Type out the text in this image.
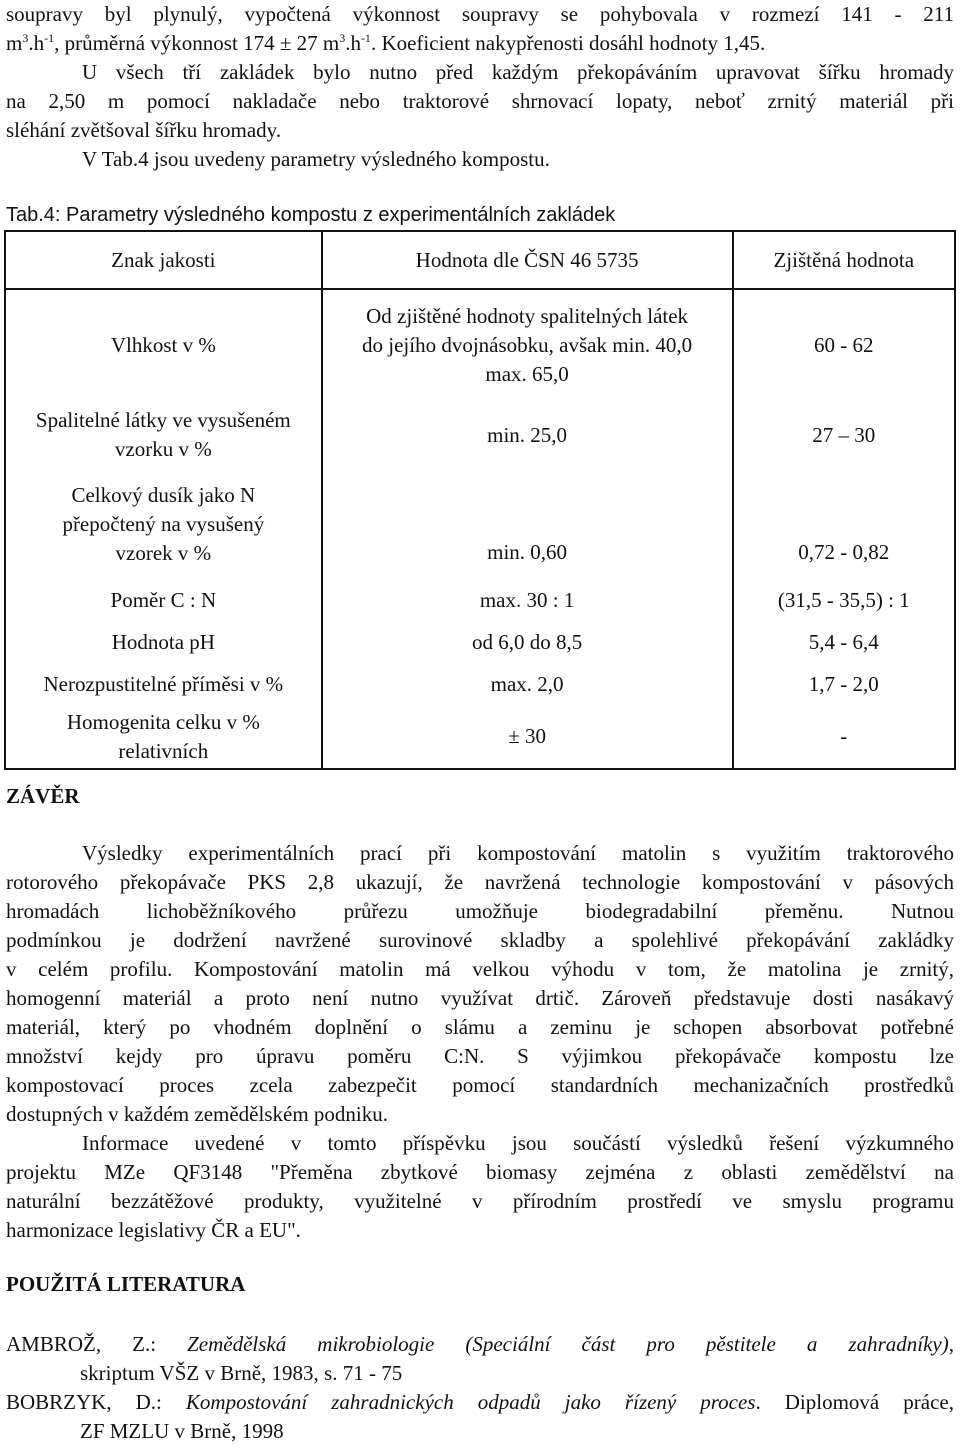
soupravy byl plynulý, vypočtená výkonnost soupravy se pohybovala v rozmezí 141 - 211
$m^3.h^{-1}$, průměrná výkonnost 174 ± 27 $m^3.h^{-1}$. Koeficient nakypřenosti dosáhl hodnoty 1,45.
U všech tří zakládek bylo nutno před každým překopáváním upravovat šířku hromady
na 2,50 m pomocí nakladače nebo traktorové shrnovací lopaty, neboť zrnitý materiál při
sléhání zvětšoval šířku hromady.
V Tab.4 jsou uvedeny parametry výsledného kompostu.
Tab.4: Parametry výsledného kompostu z experimentálních zakládek
Znak jakosti	Hodnota dle ČSN 46 5735	Zjištěná hodnota
Vlhkost v %	Od zjištěné hodnoty spalitelných látek
do jejího dvojnásobku, avšak min. 40,0
max. 65,0	60 - 62
Spalitelné látky ve vysušeném
vzorku v %	min. 25,0	27 – 30
Celkový dusík jako N
přepočtený na vysušený
vzorek v %	min. 0,60	0,72 - 0,82
Poměr C : N	max. 30 : 1	(31,5 - 35,5) : 1
Hodnota pH	od 6,0 do 8,5	5,4 - 6,4
Nerozpustitelné příměsi v %	max. 2,0	1,7 - 2,0
Homogenita celku v %
relativních	± 30	-
ZÁVĚR
Výsledky experimentálních prací při kompostování matolin s využitím traktorového
rotorového překopávače PKS 2,8 ukazují, že navržená technologie kompostování v pásových
hromadách lichoběžníkového průřezu umožňuje biodegradabilní přeměnu. Nutnou
podmínkou je dodržení navržené surovinové skladby a spolehlivé překopávání zakládky
v celém profilu. Kompostování matolin má velkou výhodu v tom, že matolina je zrnitý,
homogenní materiál a proto není nutno využívat drtič. Zároveň představuje dosti nasákavý
materiál, který po vhodném doplnění o slámu a zeminu je schopen absorbovat potřebné
množství kejdy pro úpravu poměru C:N. S výjimkou překopávače kompostu lze
kompostovací proces zcela zabezpečit pomocí standardních mechanizačních prostředků
dostupných v každém zemědělském podniku.
Informace uvedené v tomto příspěvku jsou součástí výsledků řešení výzkumného
projektu MZe QF3148 "Přeměna zbytkové biomasy zejména z oblasti zemědělství na
naturální bezzátěžové produkty, využitelné v přírodním prostředí ve smyslu programu
harmonizace legislativy ČR a EU".
POUŽITÁ LITERATURA
AMBROŽ, Z.: Zemědělská mikrobiologie (Speciální část pro pěstitele a zahradníky),
skriptum VŠZ v Brně, 1983, s. 71 - 75
BOBRZYK, D.: Kompostování zahradnických odpadů jako řízený proces. Diplomová práce,
ZF MZLU v Brně, 1998
